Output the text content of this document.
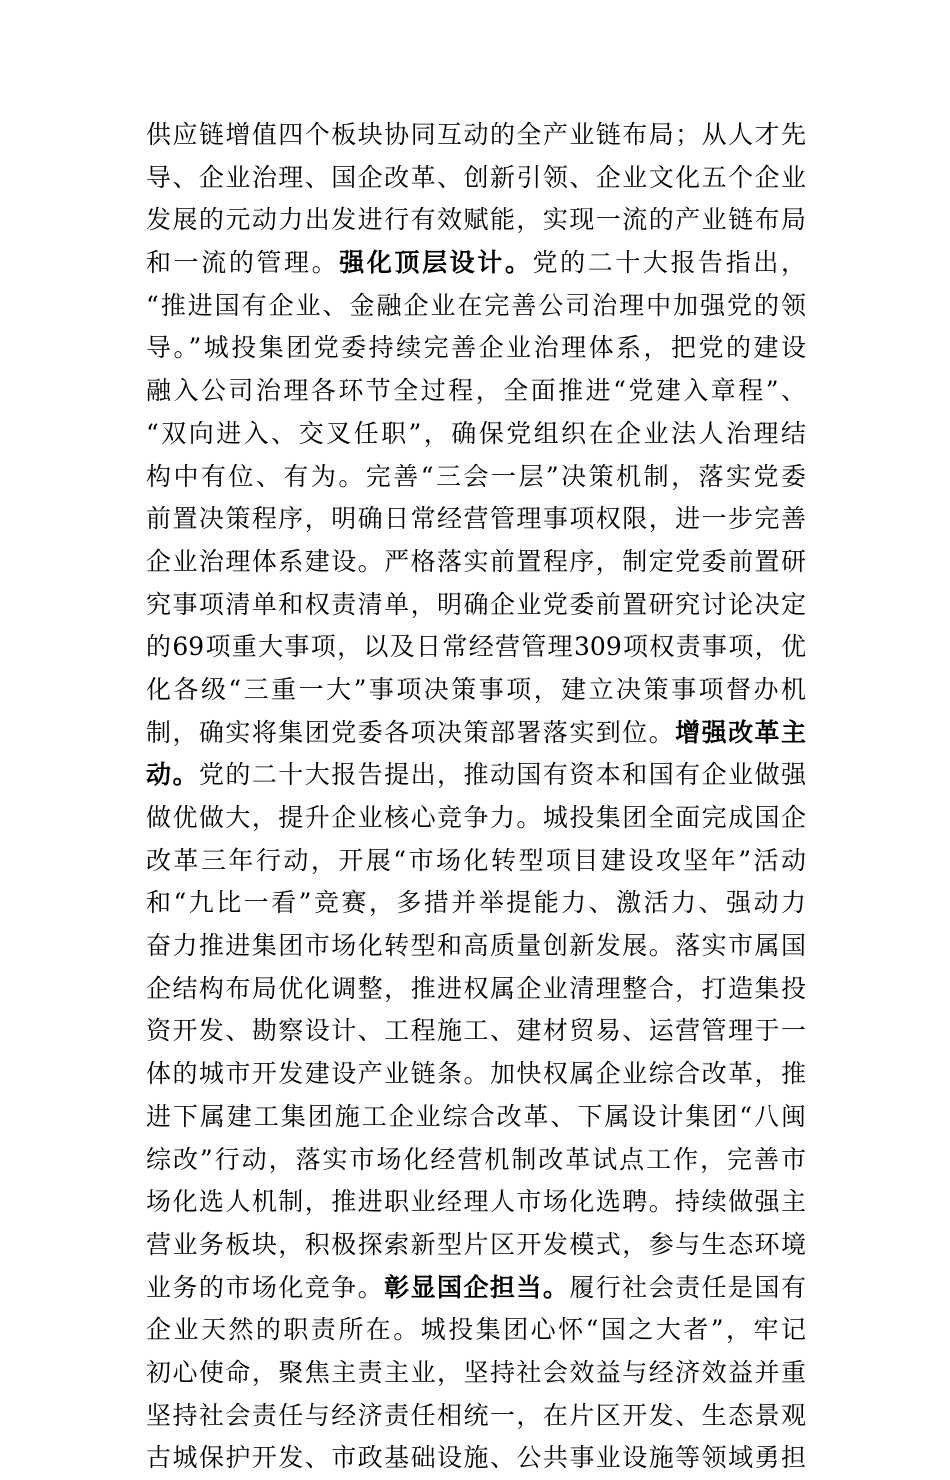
供应链增值四个板块协同互动的全产业链布局；从人才先
导、企业治理、国企改革、创新引领、企业文化五个企业
发展的元动力出发进行有效赋能，实现一流的产业链布局
和一流的管理。强化顶层设计。党的二十大报告指出，
“推进国有企业、金融企业在完善公司治理中加强党的领
导。”城投集团党委持续完善企业治理体系，把党的建设
融入公司治理各环节全过程，全面推进“党建入章程”、
“双向进入、交叉任职”，确保党组织在企业法人治理结
构中有位、有为。完善“三会一层”决策机制，落实党委
前置决策程序，明确日常经营管理事项权限，进一步完善
企业治理体系建设。严格落实前置程序，制定党委前置研
究事项清单和权责清单，明确企业党委前置研究讨论决定
的69项重大事项，以及日常经营管理309项权责事项，优
化各级“三重一大”事项决策事项，建立决策事项督办机
制，确实将集团党委各项决策部署落实到位。增强改革主
动。党的二十大报告提出，推动国有资本和国有企业做强
做优做大，提升企业核心竞争力。城投集团全面完成国企
改革三年行动，开展“市场化转型项目建设攻坚年”活动
和“九比一看”竞赛，多措并举提能力、激活力、强动力
奋力推进集团市场化转型和高质量创新发展。落实市属国
企结构布局优化调整，推进权属企业清理整合，打造集投
资开发、勘察设计、工程施工、建材贸易、运营管理于一
体的城市开发建设产业链条。加快权属企业综合改革，推
进下属建工集团施工企业综合改革、下属设计集团“八闽
综改”行动，落实市场化经营机制改革试点工作，完善市
场化选人机制，推进职业经理人市场化选聘。持续做强主
营业务板块，积极探索新型片区开发模式，参与生态环境
业务的市场化竞争。彰显国企担当。履行社会责任是国有
企业天然的职责所在。城投集团心怀“国之大者”，牢记
初心使命，聚焦主责主业，坚持社会效益与经济效益并重
坚持社会责任与经济责任相统一，在片区开发、生态景观
古城保护开发、市政基础设施、公共事业设施等领域勇担
